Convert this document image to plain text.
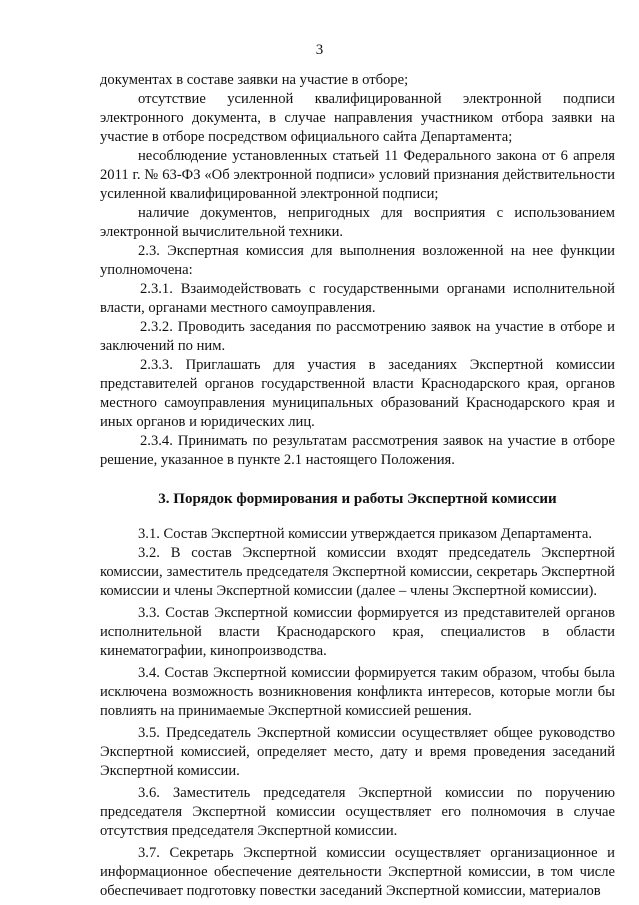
3

документах в составе заявки на участие в отборе;

отсутствие усиленной квалифицированной электронной подписи электронного документа, в случае направления участником отбора заявки на участие в отборе посредством официального сайта Департамента;

несоблюдение установленных статьей 11 Федерального закона от 6 апреля 2011 г. № 63-ФЗ «Об электронной подписи» условий признания действительности усиленной квалифицированной электронной подписи;

наличие документов, непригодных для восприятия с использованием электронной вычислительной техники.

2.3. Экспертная комиссия для выполнения возложенной на нее функции уполномочена:

2.3.1. Взаимодействовать с государственными органами исполнительной власти, органами местного самоуправления.

2.3.2. Проводить заседания по рассмотрению заявок на участие в отборе и заключений по ним.

2.3.3. Приглашать для участия в заседаниях Экспертной комиссии представителей органов государственной власти Краснодарского края, органов местного самоуправления муниципальных образований Краснодарского края и иных органов и юридических лиц.

2.3.4. Принимать по результатам рассмотрения заявок на участие в отборе решение, указанное в пункте 2.1 настоящего Положения.

3. Порядок формирования и работы Экспертной комиссии

3.1. Состав Экспертной комиссии утверждается приказом Департамента.

3.2. В состав Экспертной комиссии входят председатель Экспертной комиссии, заместитель председателя Экспертной комиссии, секретарь Экспертной комиссии и члены Экспертной комиссии (далее – члены Экспертной комиссии).

3.3. Состав Экспертной комиссии формируется из представителей органов исполнительной власти Краснодарского края, специалистов в области кинематографии, кинопроизводства.

3.4. Состав Экспертной комиссии формируется таким образом, чтобы была исключена возможность возникновения конфликта интересов, которые могли бы повлиять на принимаемые Экспертной комиссией решения.

3.5. Председатель Экспертной комиссии осуществляет общее руководство Экспертной комиссией, определяет место, дату и время проведения заседаний Экспертной комиссии.

3.6. Заместитель председателя Экспертной комиссии по поручению председателя Экспертной комиссии осуществляет его полномочия в случае отсутствия председателя Экспертной комиссии.

3.7. Секретарь Экспертной комиссии осуществляет организационное и информационное обеспечение деятельности Экспертной комиссии, в том числе обеспечивает подготовку повестки заседаний Экспертной комиссии, материалов
